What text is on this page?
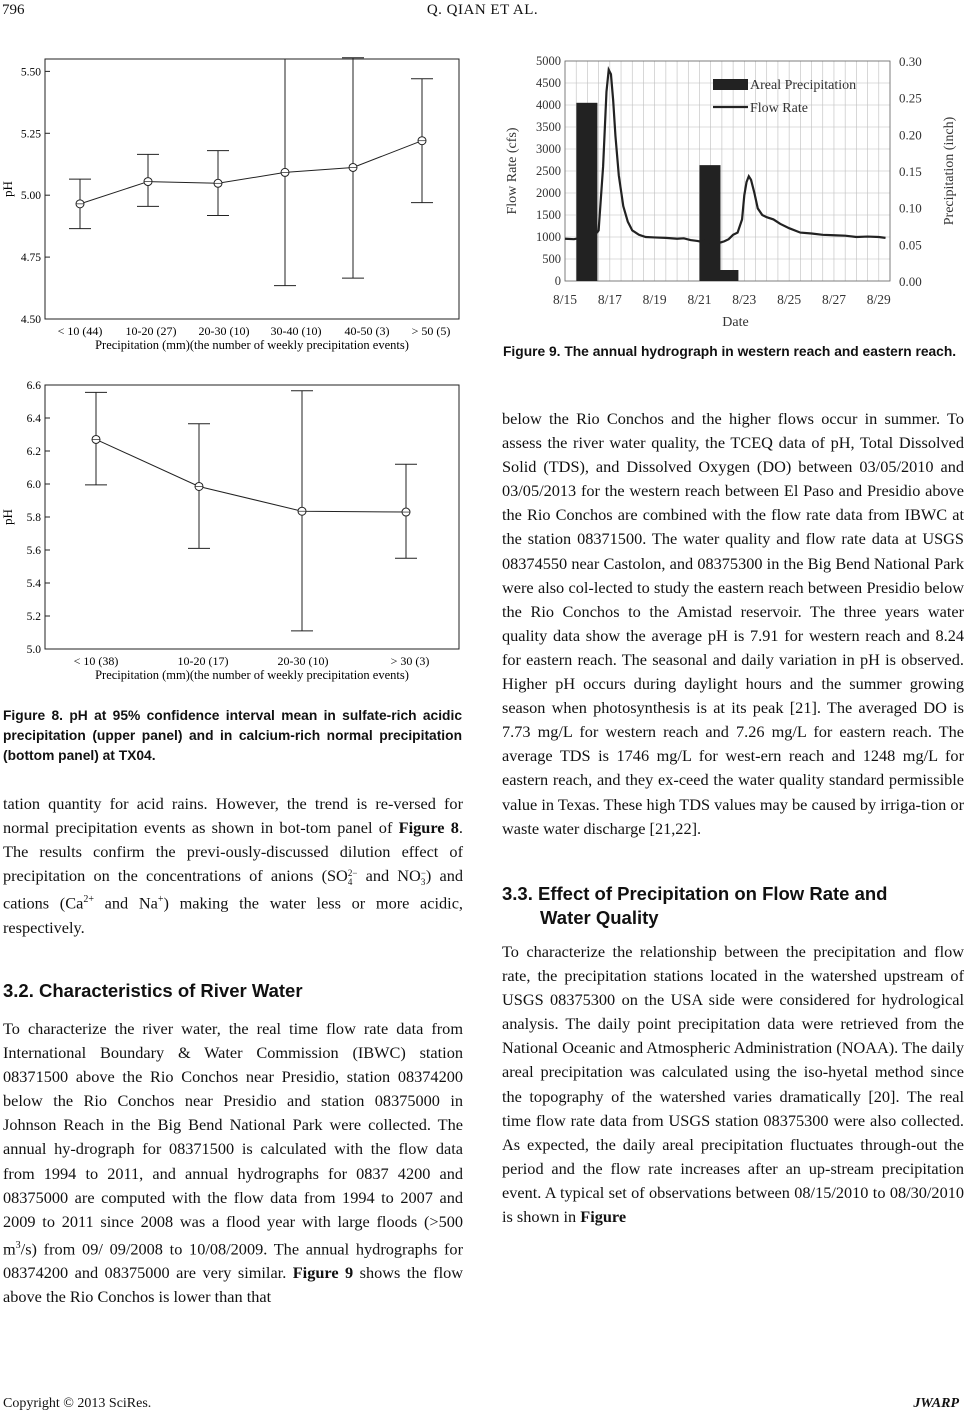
796	Q. QIAN ET AL.
4.50
4.75
5.00
5.25
5.50
pH
< 10 (44) 10-20 (27) 20-30 (10) 30-40 (10) 40-50 (3) > 50 (5)
Precipitation (mm)(the number of weekly precipitation events)
5.0
5.2
5.4
5.6
5.8
6.0
6.2
6.4
6.6
pH
< 10 (38)	10-20 (17)	20-30 (10)	> 30 (3)
Precipitation (mm)(the number of weekly precipitation events)
Figure 8. pH at 95% confidence interval mean in sulfate-rich acidic precipitation (upper panel) and in calcium-rich normal precipitation (bottom panel) at TX04.
0
500
1000
1500
2000
2500
3000
3500
4000
4500
5000
0.00
0.05
0.10
0.15
0.20
0.25
0.30
8/15 8/17 8/19 8/21 8/23 8/25 8/27 8/29
Date
Flow Rate (cfs)	Precipitation (inch)
Areal Precipitation
Flow Rate
Figure 9. The annual hydrograph in western reach and eastern reach.

tation quantity for acid rains. However, the trend is re-versed for normal precipitation events as shown in bot-tom panel of Figure 8. The results confirm the previ-ously-discussed dilution effect of precipitation on the concentrations of anions (SO 2−
4 and NO −
3 ) and cations ($Ca^{2+}$ and Na+) making the water less or more acidic, respectively.

3.2. Characteristics of River Water

To characterize the river water, the real time flow rate data from International Boundary & Water Commission (IBWC) station 08371500 above the Rio Conchos near Presidio, station 08374200 below the Rio Conchos near Presidio and station 08375000 in Johnson Reach in the Big Bend National Park were collected. The annual hy-drograph for 08371500 is calculated with the flow data from 1994 to 2011, and annual hydrographs for 0837 4200 and 08375000 are computed with the flow data from 1994 to 2007 and 2009 to 2011 since 2008 was a flood year with large floods (>500 $m^3/s$) from 09/ 09/2008 to 10/08/2009. The annual hydrographs for 08374200 and 08375000 are very similar. Figure 9 shows the flow above the Rio Conchos is lower than that

below the Rio Conchos and the higher flows occur in summer. To assess the river water quality, the TCEQ data of pH, Total Dissolved Solid (TDS), and Dissolved Oxygen (DO) between 03/05/2010 and 03/05/2013 for the western reach between El Paso and Presidio above the Rio Conchos are combined with the flow rate data from IBWC at the station 08371500. The water quality and flow rate data at USGS 08374550 near Castolon, and 08375300 in the Big Bend National Park were also col-lected to study the eastern reach between Presidio below the Rio Conchos to the Amistad reservoir. The three years water quality data show the average pH is 7.91 for western reach and 8.24 for eastern reach. The seasonal and daily variation in pH is observed. Higher pH occurs during daylight hours and the summer growing season when photosynthesis is at its peak [21]. The averaged DO is 7.73 mg/L for western reach and 7.26 mg/L for eastern reach. The average TDS is 1746 mg/L for west-ern reach and 1248 mg/L for eastern reach, and they ex-ceed the water quality standard permissible value in Texas. These high TDS values may be caused by irriga-tion or waste water discharge [21,22].

3.3. Effect of Precipitation on Flow Rate and
Water Quality

To characterize the relationship between the precipitation and flow rate, the precipitation stations located in the watershed upstream of USGS 08375300 on the USA side were considered for hydrological analysis. The daily point precipitation data were retrieved from the National Oceanic and Atmospheric Administration (NOAA). The daily areal precipitation was calculated using the iso-hyetal method since the topography of the watershed varies dramatically [20]. The real time flow rate data from USGS station 08375300 were also collected. As expected, the daily areal precipitation fluctuates through-out the period and the flow rate increases after an up-stream precipitation event. A typical set of observations between 08/15/2010 to 08/30/2010 is shown in Figure

Copyright © 2013 SciRes.	JWARP
